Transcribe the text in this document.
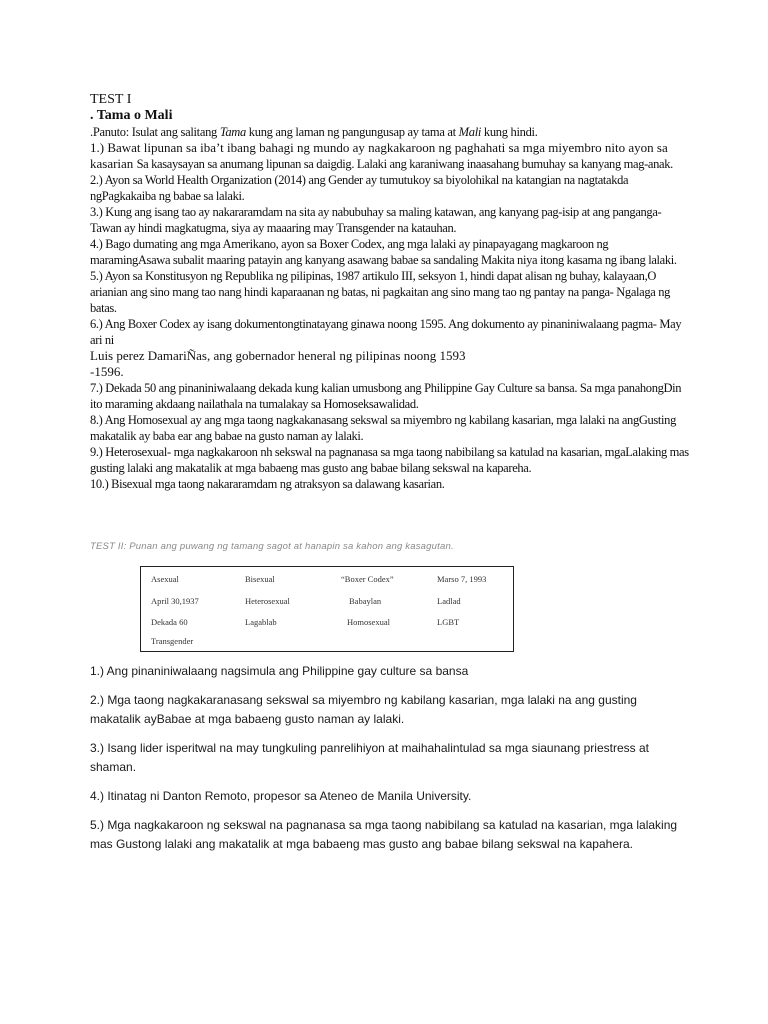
TEST I
. Tama o Mali
.Panuto: Isulat ang salitang Tama kung ang laman ng pangungusap ay tama at Mali kung hindi.

1.) Bawat lipunan sa iba’t ibang bahagi ng mundo ay nagkakaroon ng paghahati sa mga miyembro nito ayon sa kasarian Sa kasaysayan sa anumang lipunan sa daigdig. Lalaki ang karaniwang inaasahang bumuhay sa kanyang mag-anak.

2.) Ayon sa World Health Organization (2014) ang Gender ay tumutukoy sa biyolohikal na katangian na nagtatakda ngPagkakaiba ng babae sa lalaki.

3.) Kung ang isang tao ay nakararamdam na sita ay nabubuhay sa maling katawan, ang kanyang pag-isip at ang panganga-Tawan ay hindi magkatugma, siya ay maaaring may Transgender na katauhan.

4.) Bago dumating ang mga Amerikano, ayon sa Boxer Codex, ang mga lalaki ay pinapayagang magkaroon ng maramingAsawa subalit maaring patayin ang kanyang asawang babae sa sandaling Makita niya itong kasama ng ibang lalaki.

5.) Ayon sa Konstitusyon ng Republika ng pilipinas, 1987 artikulo III, seksyon 1, hindi dapat alisan ng buhay, kalayaan,O arianian ang sino mang tao nang hindi kaparaanan ng batas, ni pagkaitan ang sino mang tao ng pantay na panga- Ngalaga ng batas.

6.) Ang Boxer Codex ay isang dokumentongtinatayang ginawa noong 1595. Ang dokumento ay pinaniniwalaang pagma- May ari ni

Luis perez DamariÑas, ang gobernador heneral ng pilipinas noong 1593

-1596.

7.) Dekada 50 ang pinaniniwalaang dekada kung kalian umusbong ang Philippine Gay Culture sa bansa. Sa mga panahongDin ito maraming akdaang nailathala na tumalakay sa Homoseksawalidad.

8.) Ang Homosexual ay ang mga taong nagkakanasang sekswal sa miyembro ng kabilang kasarian, mga lalaki na angGusting makatalik ay baba ear ang babae na gusto naman ay lalaki.

9.) Heterosexual- mga nagkakaroon nh sekswal na pagnanasa sa mga taong nabibilang sa katulad na kasarian, mgaLalaking mas gusting lalaki ang makatalik at mga babaeng mas gusto ang babae bilang sekswal na kapareha.

10.) Bisexual mga taong nakararamdam ng atraksyon sa dalawang kasarian.

TEST II: Punan ang puwang ng tamang sagot at hanapin sa kahon ang kasagutan.
Asexual	Bisexual	“Boxer Codex”	Marso 7, 1993
April 30,1937	Heterosexual	Babaylan	Ladlad
Dekada 60	Lagablab	Homosexual	LGBT
Transgender

1.) Ang pinaniniwalaang nagsimula ang Philippine gay culture sa bansa

2.) Mga taong nagkakaranasang sekswal sa miyembro ng kabilang kasarian, mga lalaki na ang gusting makatalik ayBabae at mga babaeng gusto naman ay lalaki.

3.) Isang lider isperitwal na may tungkuling panrelihiyon at maihahalintulad sa mga siaunang priestress at shaman.

4.) Itinatag ni Danton Remoto, propesor sa Ateneo de Manila University.

5.) Mga nagkakaroon ng sekswal na pagnanasa sa mga taong nabibilang sa katulad na kasarian, mga lalaking mas Gustong lalaki ang makatalik at mga babaeng mas gusto ang babae bilang sekswal na kapahera.
